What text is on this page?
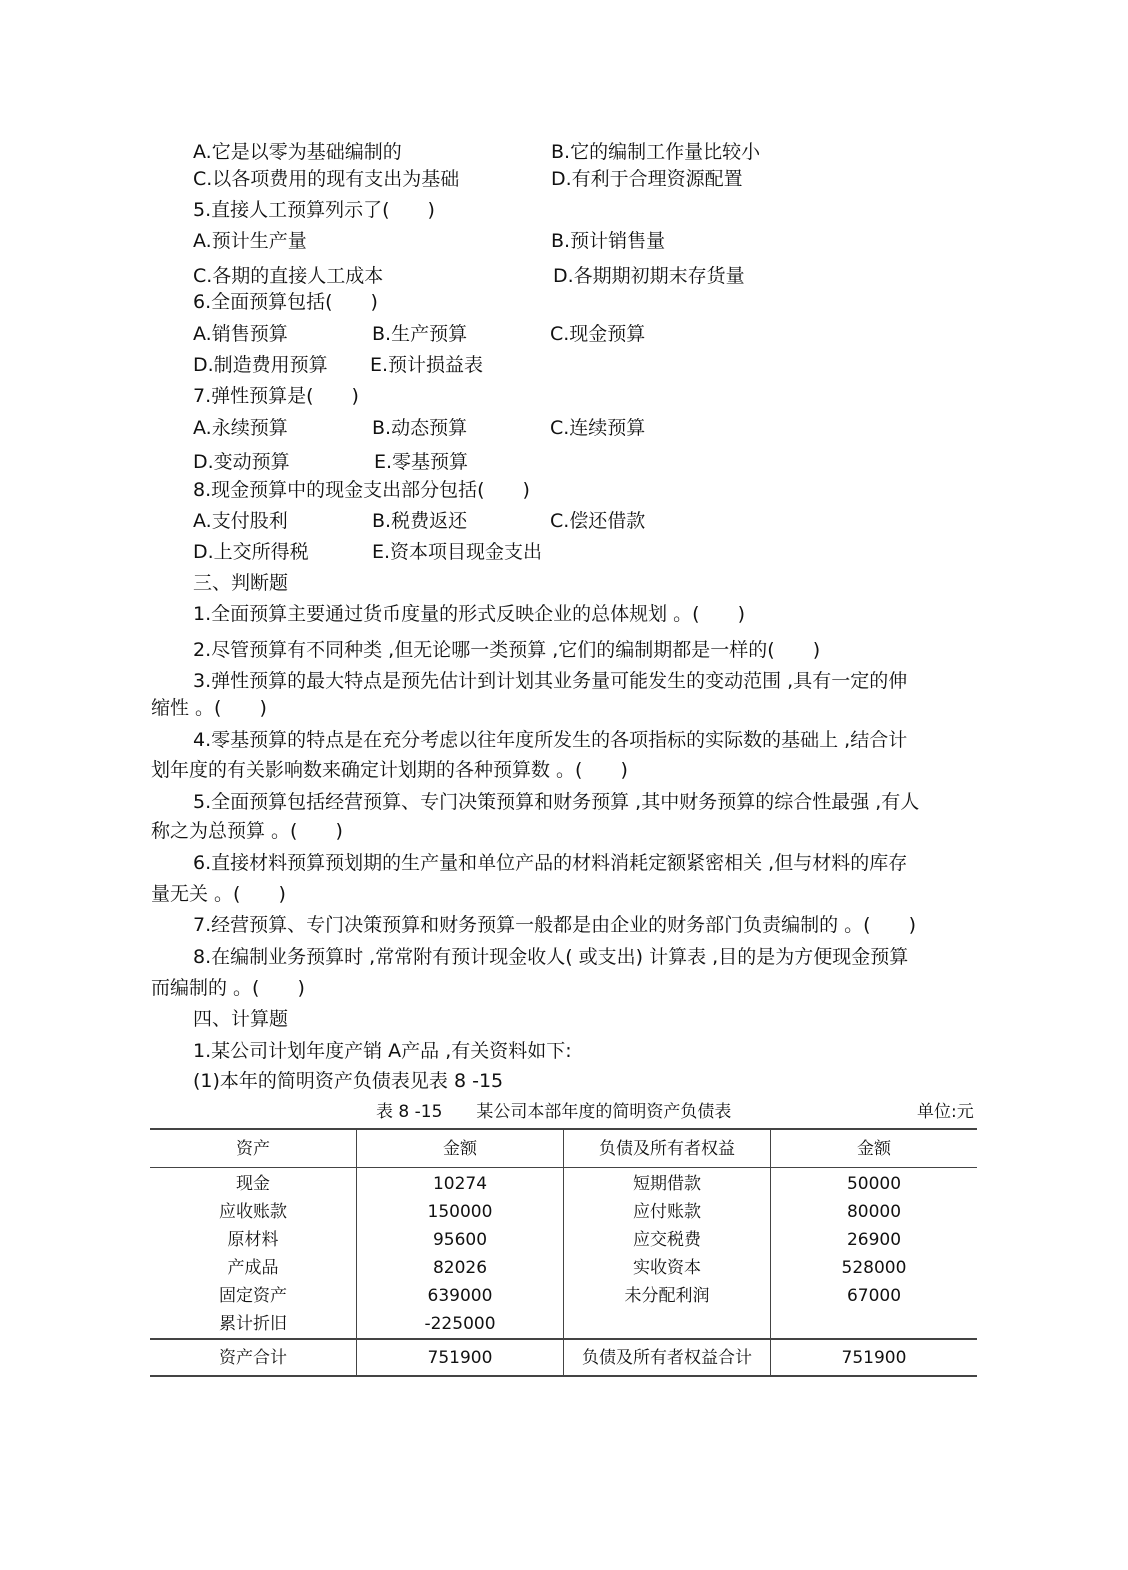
A.它是以零为基础编制的	B.它的编制工作量比较小
C.以各项费用的现有支出为基础	D.有利于合理资源配置
5.直接人工预算列示了(　　)
A.预计生产量	B.预计销售量
C.各期的直接人工成本	D.各期期初期末存货量
6.全面预算包括(　　)
A.销售预算	B.生产预算	C.现金预算
D.制造费用预算 E.预计损益表
7.弹性预算是(　　)
A.永续预算	B.动态预算	C.连续预算
D.变动预算	E.零基预算
8.现金预算中的现金支出部分包括(　　)
A.支付股利	B.税费返还	C.偿还借款
D.上交所得税	E.资本项目现金支出
三、判断题
1.全面预算主要通过货币度量的形式反映企业的总体规划 。(　　)
2.尽管预算有不同种类 ,但无论哪一类预算 ,它们的编制期都是一样的(　　)
3.弹性预算的最大特点是预先估计到计划其业务量可能发生的变动范围 ,具有一定的伸
缩性 。(　　)
4.零基预算的特点是在充分考虑以往年度所发生的各项指标的实际数的基础上 ,结合计
划年度的有关影响数来确定计划期的各种预算数 。(　　)
5.全面预算包括经营预算、专门决策预算和财务预算 ,其中财务预算的综合性最强 ,有人
称之为总预算 。(　　)
6.直接材料预算预划期的生产量和单位产品的材料消耗定额紧密相关 ,但与材料的库存
量无关 。(　　)
7.经营预算、专门决策预算和财务预算一般都是由企业的财务部门负责编制的 。(　　)
8.在编制业务预算时 ,常常附有预计现金收人( 或支出) 计算表 ,目的是为方便现金预算
而编制的 。(　　)
四、计算题
1.某公司计划年度产销 A产品 ,有关资料如下:
(1)本年的简明资产负债表见表 8 -15
表 8 -15　　某公司本部年度的简明资产负债表	单位:元
资产	金额	负债及所有者权益	金额
现金	10274	短期借款	50000
应收账款	150000	应付账款	80000
原材料	95600	应交税费	26900
产成品	82026	实收资本	528000
固定资产	639000	未分配利润	67000
累计折旧	-225000		
资产合计	751900	负债及所有者权益合计	751900
